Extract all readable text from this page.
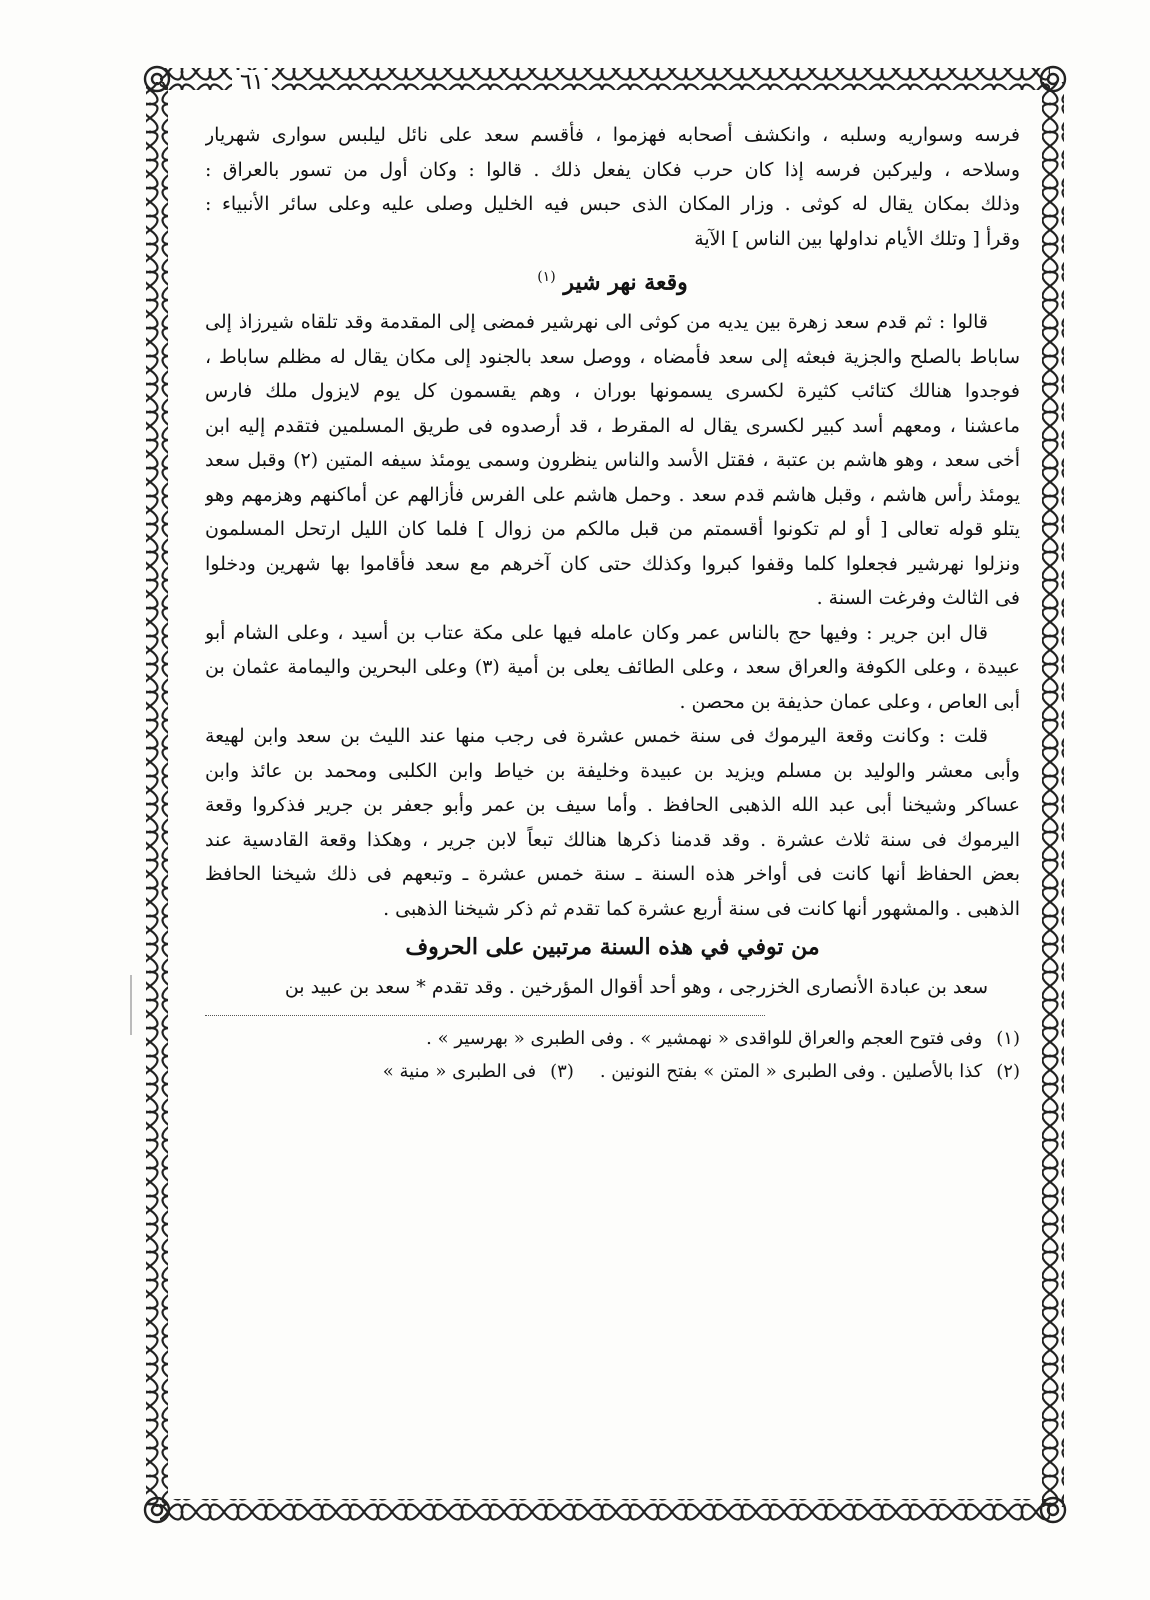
٦١

فرسه وسواريه وسلبه ، وانكشف أصحابه فهزموا ، فأقسم سعد على نائل ليلبس سوارى شهريار
وسلاحه ، وليركبن فرسه إذا كان حرب فكان يفعل ذلك . قالوا : وكان أول من تسور بالعراق :
وذلك بمكان يقال له كوثى . وزار المكان الذى حبس فيه الخليل وصلى عليه وعلى سائر الأنبياء :
وقرأ [ وتلك الأيام نداولها بين الناس ] الآية

وقعة نهر شير $^{(١)}$

قالوا : ثم قدم سعد زهرة بين يديه من كوثى الى نهرشير فمضى إلى المقدمة وقد تلقاه شيرزاذ إلى
ساباط بالصلح والجزية فبعثه إلى سعد فأمضاه ، ووصل سعد بالجنود إلى مكان يقال له مظلم ساباط ،
فوجدوا هنالك كتائب كثيرة لكسرى يسمونها بوران ، وهم يقسمون كل يوم لايزول ملك فارس
ماعشنا ، ومعهم أسد كبير لكسرى يقال له المقرط ، قد أرصدوه فى طريق المسلمين فتقدم إليه ابن
أخى سعد ، وهو هاشم بن عتبة ، فقتل الأسد والناس ينظرون وسمى يومئذ سيفه المتين (٢) وقبل سعد
يومئذ رأس هاشم ، وقبل هاشم قدم سعد . وحمل هاشم على الفرس فأزالهم عن أماكنهم وهزمهم وهو
يتلو قوله تعالى [ أو لم تكونوا أقسمتم من قبل مالكم من زوال ] فلما كان الليل ارتحل المسلمون
ونزلوا نهرشير فجعلوا كلما وقفوا كبروا وكذلك حتى كان آخرهم مع سعد فأقاموا بها شهرين ودخلوا
فى الثالث وفرغت السنة .

قال ابن جرير : وفيها حج بالناس عمر وكان عامله فيها على مكة عتاب بن أسيد ، وعلى الشام أبو
عبيدة ، وعلى الكوفة والعراق سعد ، وعلى الطائف يعلى بن أمية (٣) وعلى البحرين واليمامة عثمان بن
أبى العاص ، وعلى عمان حذيفة بن محصن .

قلت : وكانت وقعة اليرموك فى سنة خمس عشرة فى رجب منها عند الليث بن سعد وابن لهيعة
وأبى معشر والوليد بن مسلم ويزيد بن عبيدة وخليفة بن خياط وابن الكلبى ومحمد بن عائذ وابن
عساكر وشيخنا أبى عبد الله الذهبى الحافظ . وأما سيف بن عمر وأبو جعفر بن جرير فذكروا وقعة
اليرموك فى سنة ثلاث عشرة . وقد قدمنا ذكرها هنالك تبعاً لابن جرير ، وهكذا وقعة القادسية عند
بعض الحفاظ أنها كانت فى أواخر هذه السنة ـ سنة خمس عشرة ـ وتبعهم فى ذلك شيخنا الحافظ
الذهبى . والمشهور أنها كانت فى سنة أربع عشرة كما تقدم ثم ذكر شيخنا الذهبى .

من توفي في هذه السنة مرتبين على الحروف

سعد بن عبادة الأنصارى الخزرجى ، وهو أحد أقوال المؤرخين . وقد تقدم * سعد بن عبيد بن

(١)وفى فتوح العجم والعراق للواقدى « نهمشير » . وفى الطبرى « بهرسير » .
(٢)كذا بالأصلين . وفى الطبرى « المتن » بفتح النونين .(٣)فى الطبرى « منية »
